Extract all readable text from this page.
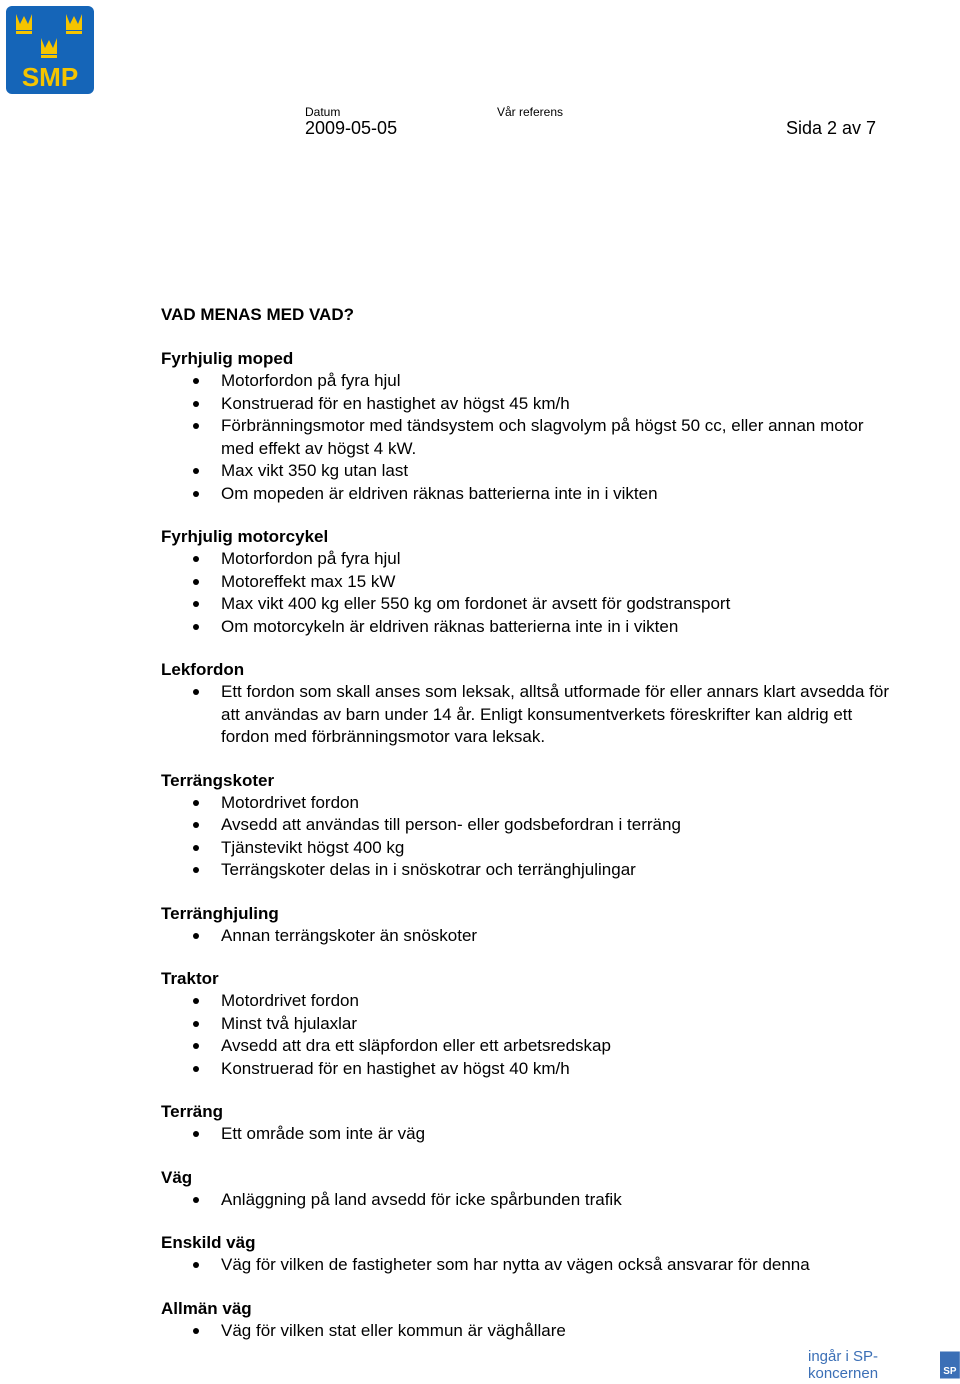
SMP
Datum	Vår referens
2009-05-05	Sida 2 av 7
VAD MENAS MED VAD?
Fyrhjulig moped
Motorfordon på fyra hjul
Konstruerad för en hastighet av högst 45 km/h
Förbränningsmotor med tändsystem och slagvolym på högst 50 cc, eller annan motor med effekt av högst 4 kW.
Max vikt 350 kg utan last
Om mopeden är eldriven räknas batterierna inte in i vikten
Fyrhjulig motorcykel
Motorfordon på fyra hjul
Motoreffekt max 15 kW
Max vikt 400 kg eller 550 kg om fordonet är avsett för godstransport
Om motorcykeln är eldriven räknas batterierna inte in i vikten
Lekfordon
Ett fordon som skall anses som leksak, alltså utformade för eller annars klart avsedda för att användas av barn under 14 år. Enligt konsumentverkets föreskrifter kan aldrig ett fordon med förbränningsmotor vara leksak.
Terrängskoter
Motordrivet fordon
Avsedd att användas till person- eller godsbefordran i terräng
Tjänstevikt högst 400 kg
Terrängskoter delas in i snöskotrar och terränghjulingar
Terränghjuling
Annan terrängskoter än snöskoter
Traktor
Motordrivet fordon
Minst två hjulaxlar
Avsedd att dra ett släpfordon eller ett arbetsredskap
Konstruerad för en hastighet av högst 40 km/h
Terräng
Ett område som inte är väg
Väg
Anläggning på land avsedd för icke spårbunden trafik
Enskild väg
Väg för vilken de fastigheter som har nytta av vägen också ansvarar för denna
Allmän väg
Väg för vilken stat eller kommun är väghållare
ingår i SP-koncernen	SP
